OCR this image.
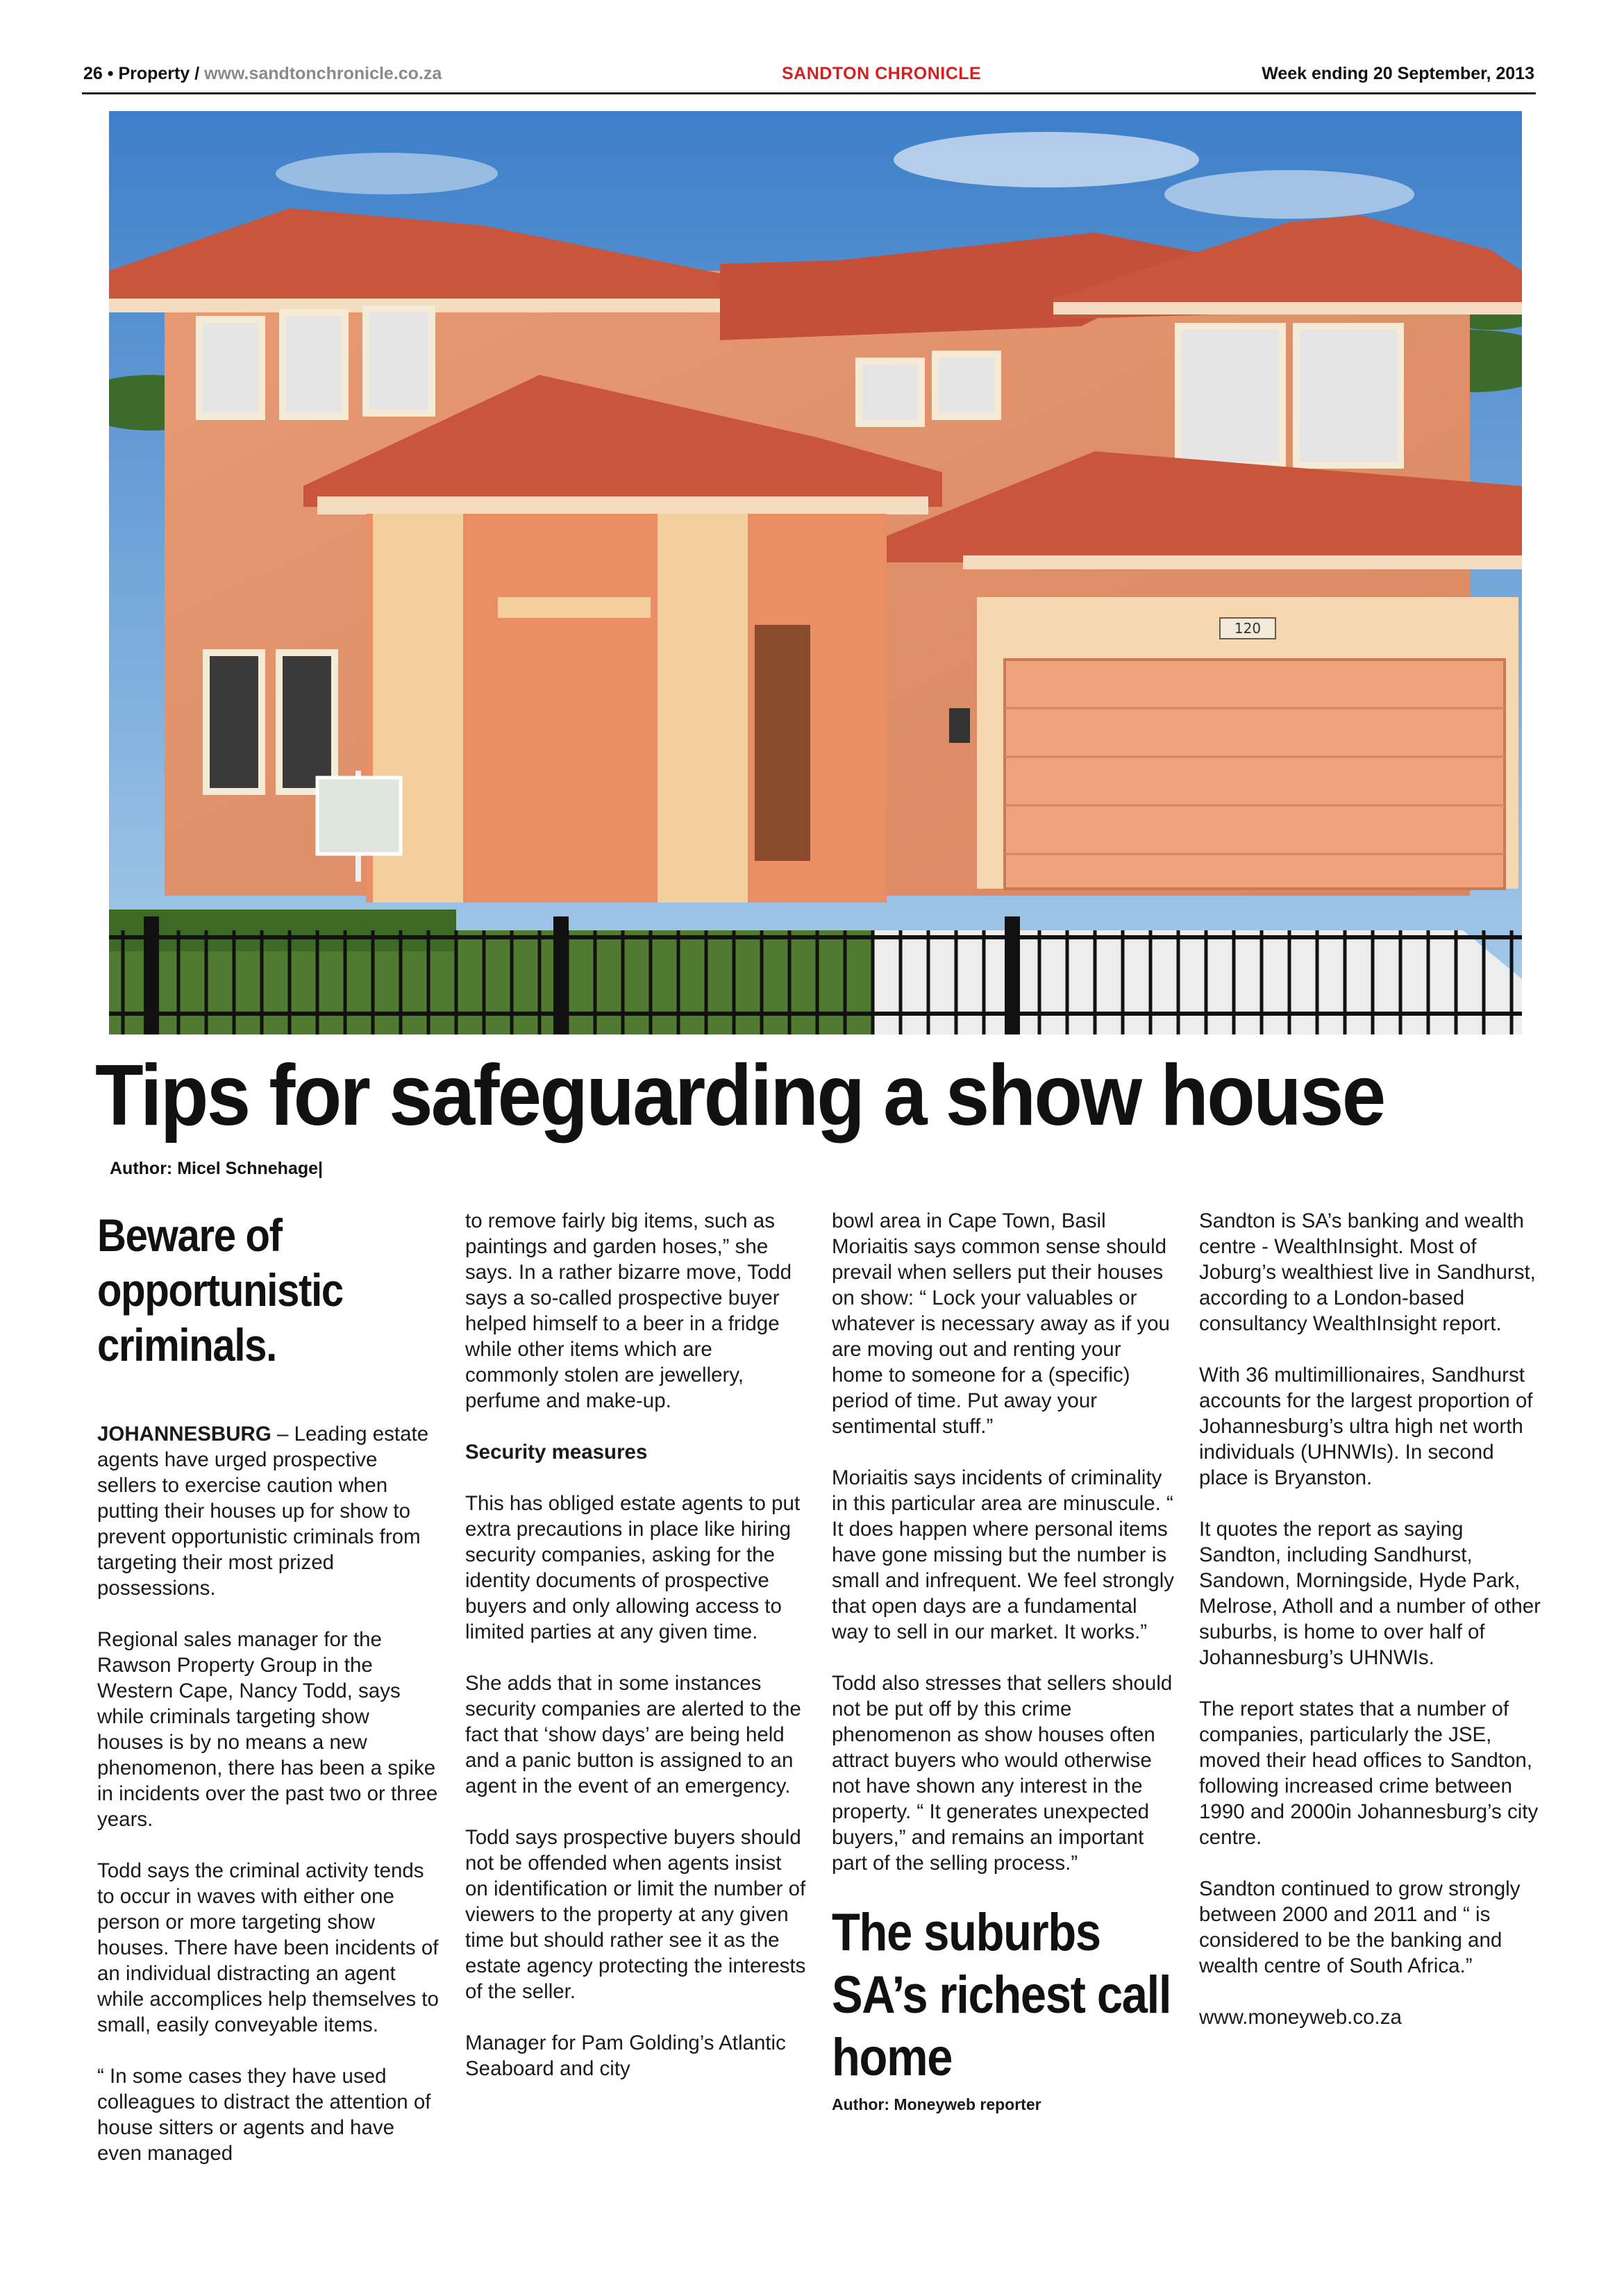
26 • Property / www.sandtonchronicle.co.za	SANDTON CHRONICLE	Week ending 20 September, 2013
120
Tips for safeguarding a show house
Author: Micel Schnehage|
Beware of opportunistic criminals.

JOHANNESBURG – Leading estate agents have urged prospective sellers to exercise caution when putting their houses up for show to prevent opportunistic criminals from targeting their most prized possessions.

Regional sales manager for the Rawson Property Group in the Western Cape, Nancy Todd, says while criminals targeting show houses is by no means a new phenomenon, there has been a spike in incidents over the past two or three years.

Todd says the criminal activity tends to occur in waves with either one person or more targeting show houses. There have been incidents of an individual distracting an agent while accomplices help themselves to small, easily conveyable items.

“ In some cases they have used colleagues to distract the attention of house sitters or agents and have even managed

to remove fairly big items, such as paintings and garden hoses,” she says. In a rather bizarre move, Todd says a so-called prospective buyer helped himself to a beer in a fridge while other items which are commonly stolen are jewellery, perfume and make-up.

Security measures

This has obliged estate agents to put extra precautions in place like hiring security companies, asking for the identity documents of prospective buyers and only allowing access to limited parties at any given time.

She adds that in some instances security companies are alerted to the fact that ‘show days’ are being held and a panic button is assigned to an agent in the event of an emergency.

Todd says prospective buyers should not be offended when agents insist on identification or limit the number of viewers to the property at any given time but should rather see it as the estate agency protecting the interests of the seller.

Manager for Pam Golding’s Atlantic Seaboard and city

bowl area in Cape Town, Basil Moriaitis says common sense should prevail when sellers put their houses on show: “ Lock your valuables or whatever is necessary away as if you are moving out and renting your home to someone for a (specific) period of time. Put away your sentimental stuff.”

Moriaitis says incidents of criminality in this particular area are minuscule. “ It does happen where personal items have gone missing but the number is small and infrequent. We feel strongly that open days are a fundamental way to sell in our market. It works.”

Todd also stresses that sellers should not be put off by this crime phenomenon as show houses often attract buyers who would otherwise not have shown any interest in the property. “ It generates unexpected buyers,” and remains an important part of the selling process.”

The suburbs SA’s richest call home
Author: Moneyweb reporter

Sandton is SA’s banking and wealth centre - WealthInsight. Most of Joburg’s wealthiest live in Sandhurst, according to a London-based consultancy WealthInsight report.

With 36 multimillionaires, Sandhurst accounts for the largest proportion of Johannesburg’s ultra high net worth individuals (UHNWIs). In second place is Bryanston.

It quotes the report as saying Sandton, including Sandhurst, Sandown, Morningside, Hyde Park, Melrose, Atholl and a number of other suburbs, is home to over half of Johannesburg’s UHNWIs.

The report states that a number of companies, particularly the JSE, moved their head offices to Sandton, following increased crime between 1990 and 2000in Johannesburg’s city centre.

Sandton continued to grow strongly between 2000 and 2011 and “ is considered to be the banking and wealth centre of South Africa.”

www.moneyweb.co.za
